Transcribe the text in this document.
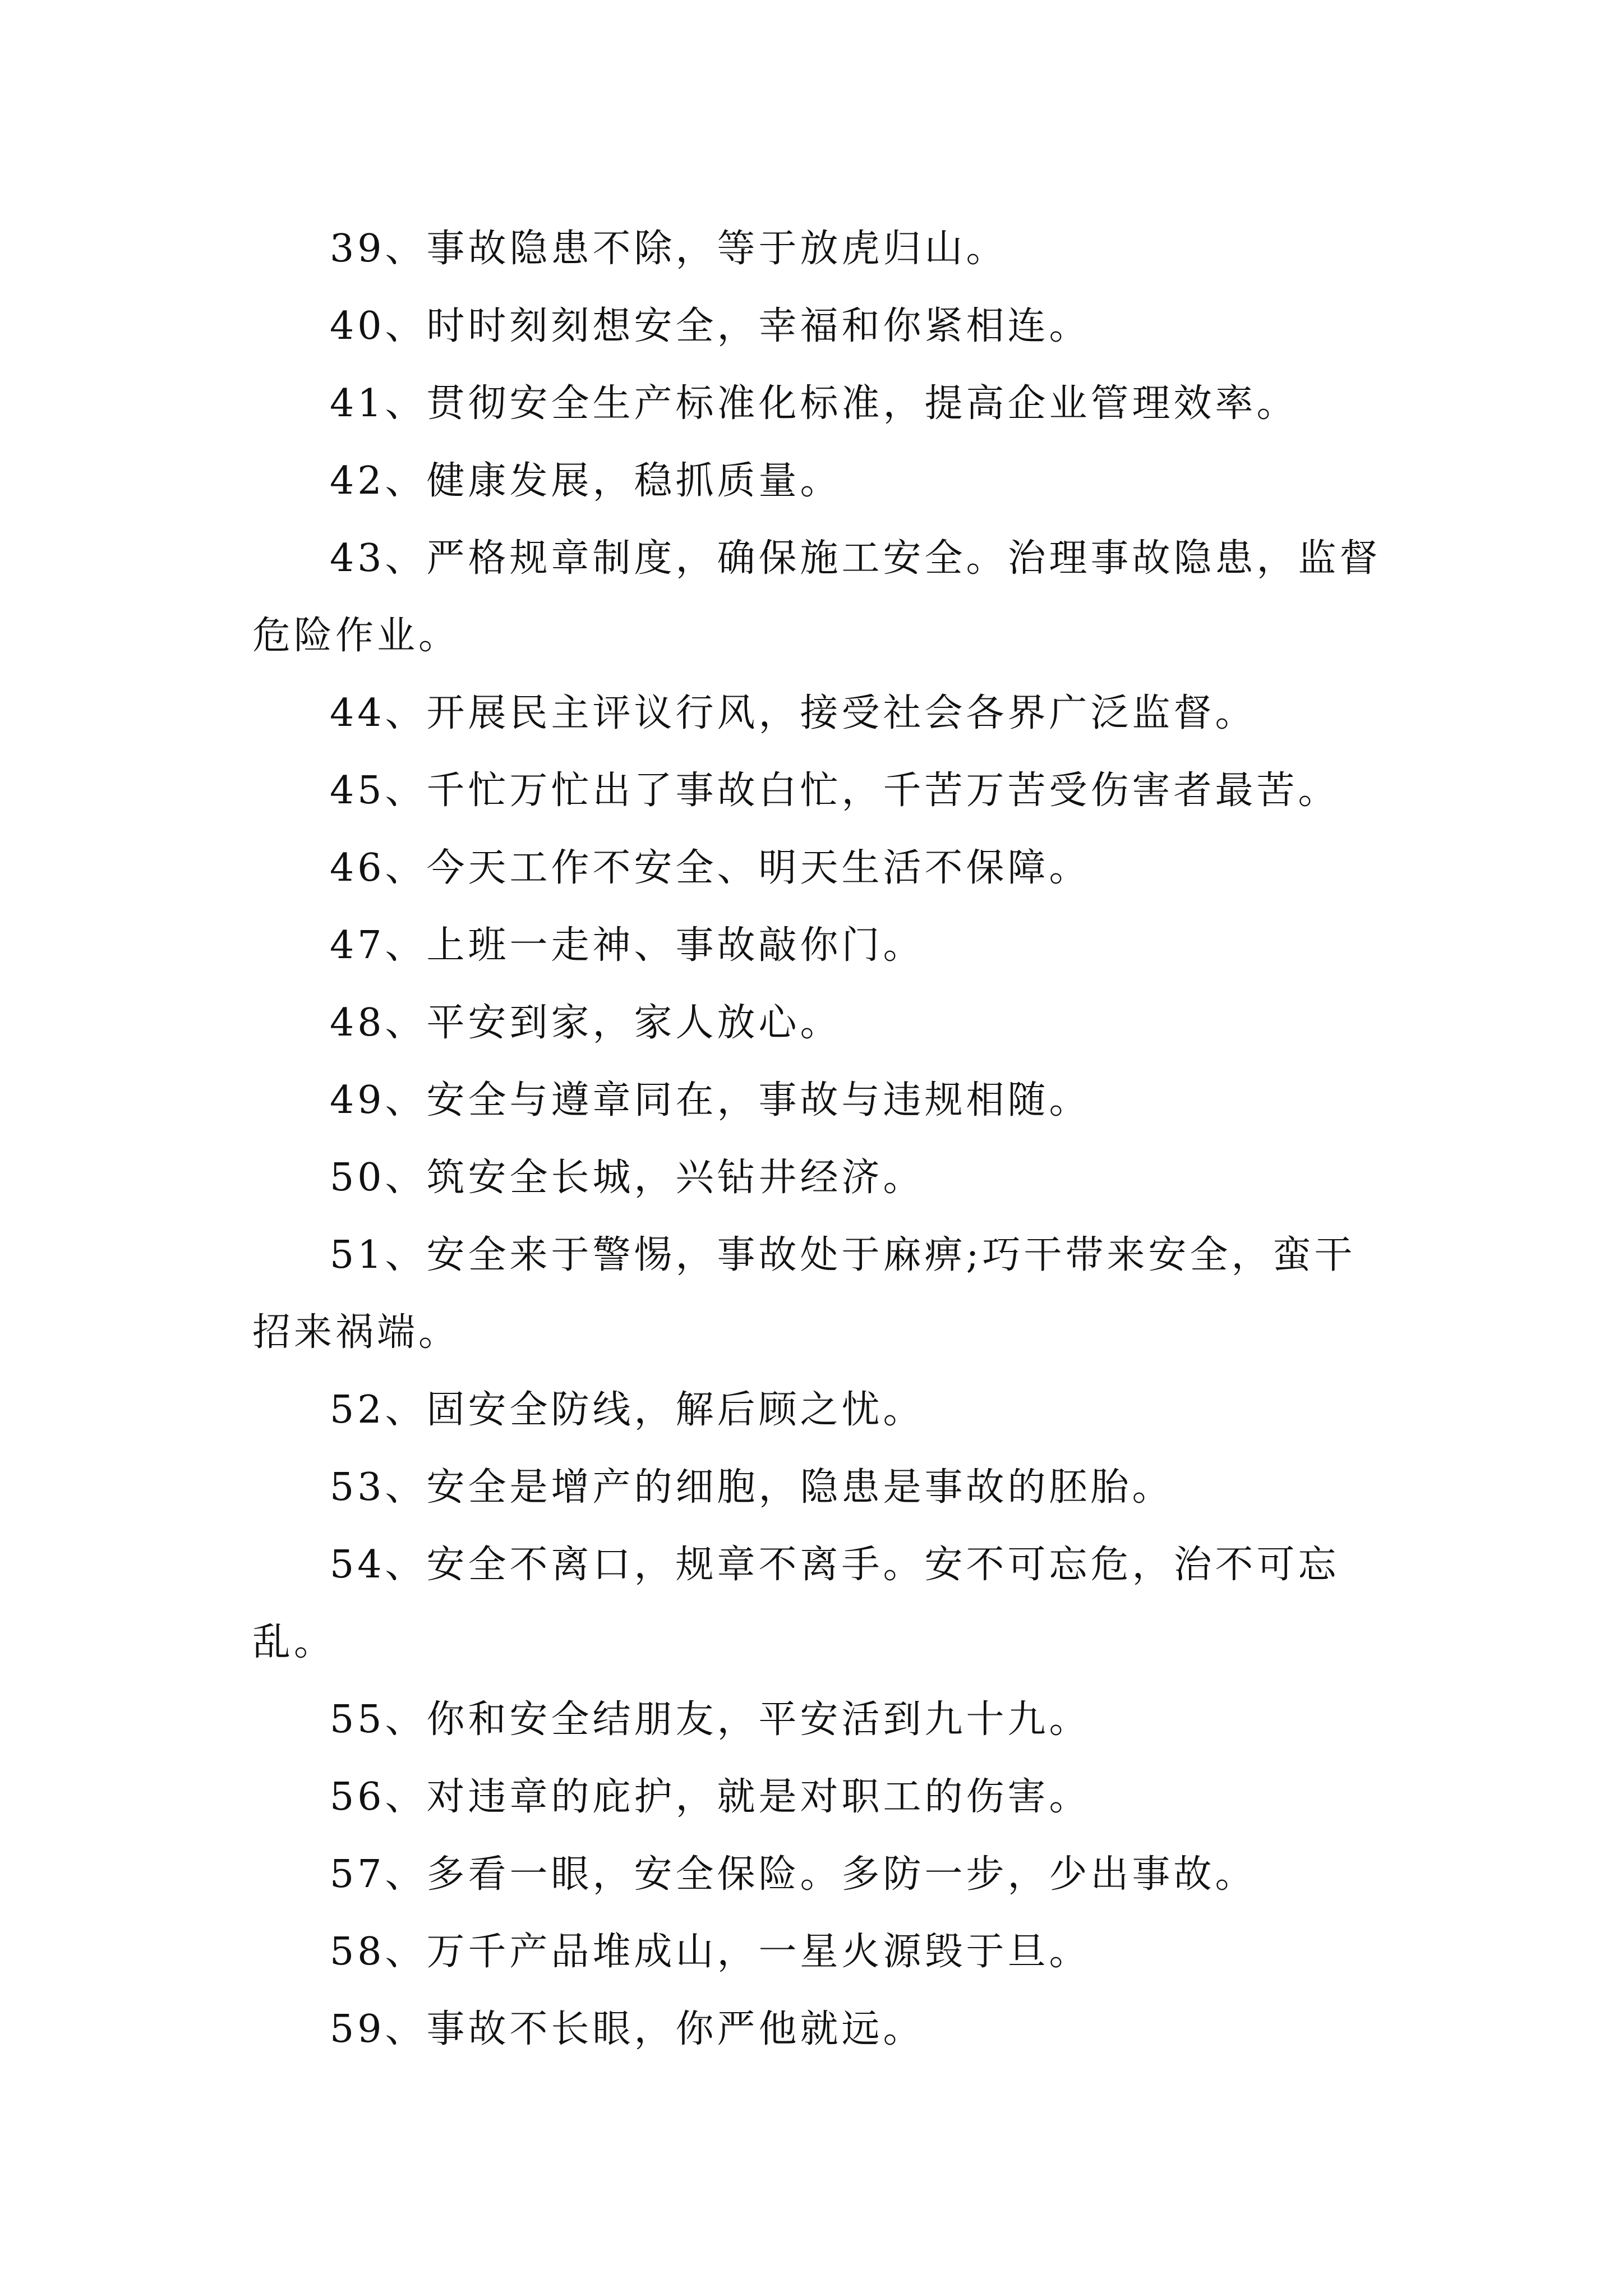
39、事故隐患不除，等于放虎归山。

40、时时刻刻想安全，幸福和你紧相连。

41、贯彻安全生产标准化标准，提高企业管理效率。

42、健康发展，稳抓质量。

43、严格规章制度，确保施工安全。治理事故隐患，监督危险作业。

44、开展民主评议行风，接受社会各界广泛监督。

45、千忙万忙出了事故白忙，千苦万苦受伤害者最苦。

46、今天工作不安全、明天生活不保障。

47、上班一走神、事故敲你门。

48、平安到家，家人放心。

49、安全与遵章同在，事故与违规相随。

50、筑安全长城，兴钻井经济。

51、安全来于警惕，事故处于麻痹;巧干带来安全，蛮干招来祸端。

52、固安全防线，解后顾之忧。

53、安全是增产的细胞，隐患是事故的胚胎。

54、安全不离口，规章不离手。安不可忘危，治不可忘乱。

55、你和安全结朋友，平安活到九十九。

56、对违章的庇护，就是对职工的伤害。

57、多看一眼，安全保险。多防一步，少出事故。

58、万千产品堆成山，一星火源毁于旦。

59、事故不长眼，你严他就远。
